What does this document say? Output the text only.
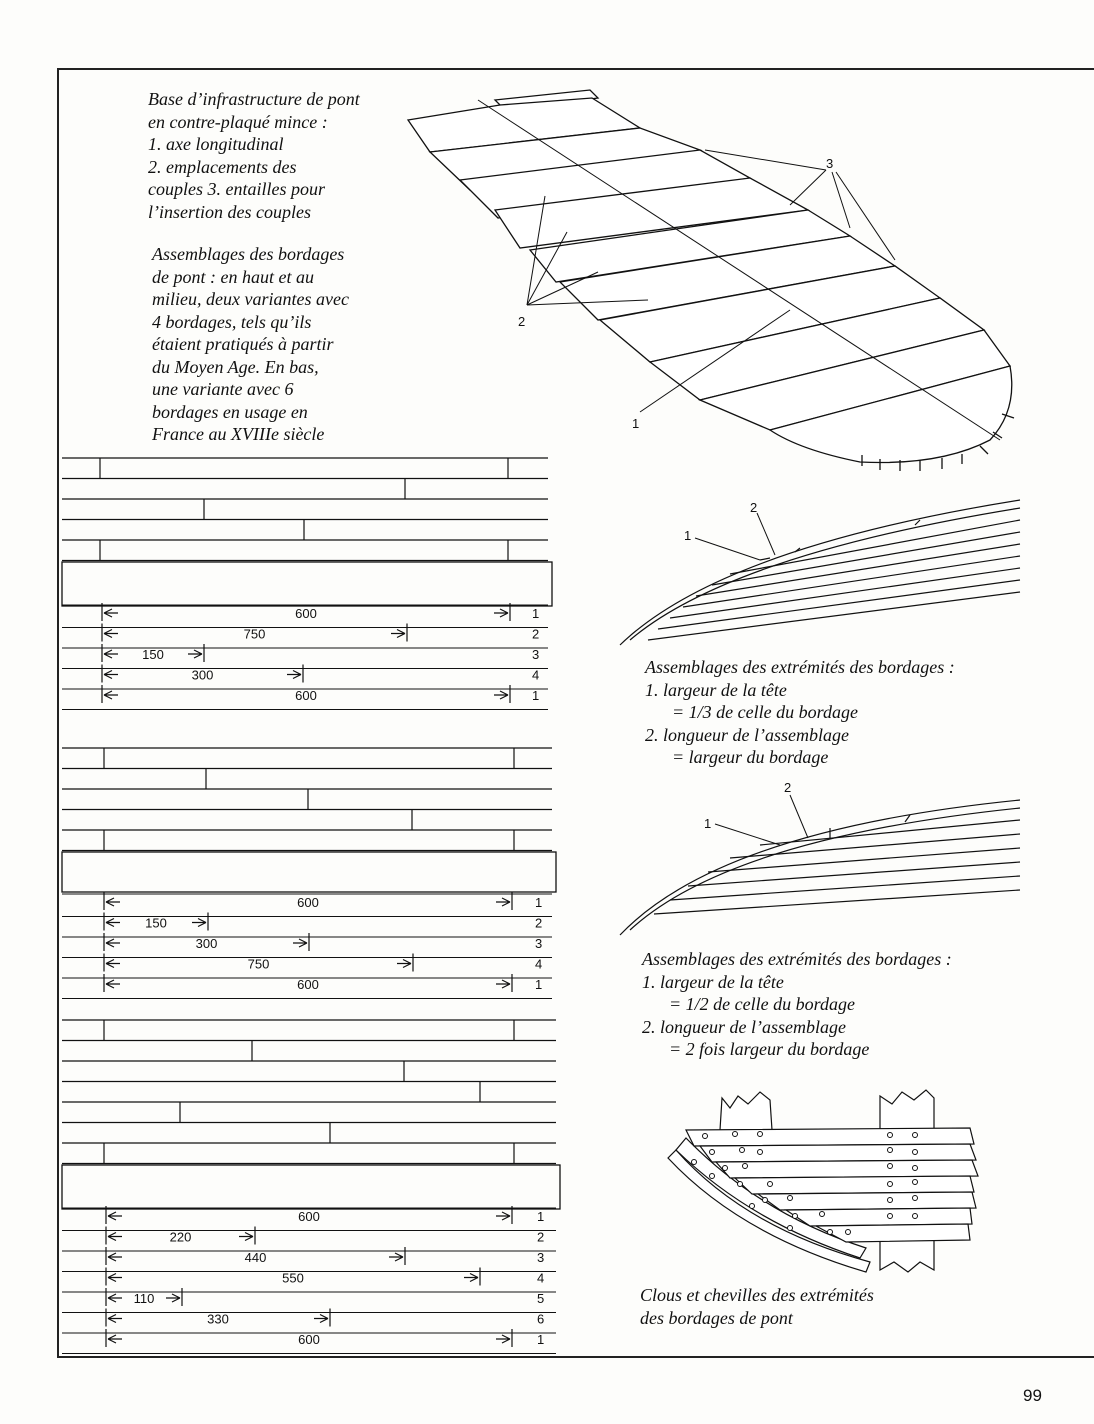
Base d’infrastructure de pont
en contre-plaqué mince :
1. axe longitudinal
2. emplacements des
couples 3. entailles pour
l’insertion des couples
Assemblages des bordages
de pont : en haut et au
milieu, deux variantes avec
4 bordages, tels qu’ils
étaient pratiqués à partir
du Moyen Age. En bas,
une variante avec 6
bordages en usage en
France au XVIIIe siècle
Assemblages des extrémités des bordages :
1. largeur de la tête
= 1/3 de celle du bordage
2. longueur de l’assemblage
= largeur du bordage
Assemblages des extrémités des bordages :
1. largeur de la tête
= 1/2 de celle du bordage
2. longueur de l’assemblage
= 2 fois largeur du bordage
Clous et chevilles des extrémités
des bordages de pont
3
2
1
600	1
750	2
150	3
300	4
600	1
600	1
150	2
300	3
750	4
600	1
600	1
220	2
440	3
550	4
110	5
330	6
600	1
1
2
1
2
99
